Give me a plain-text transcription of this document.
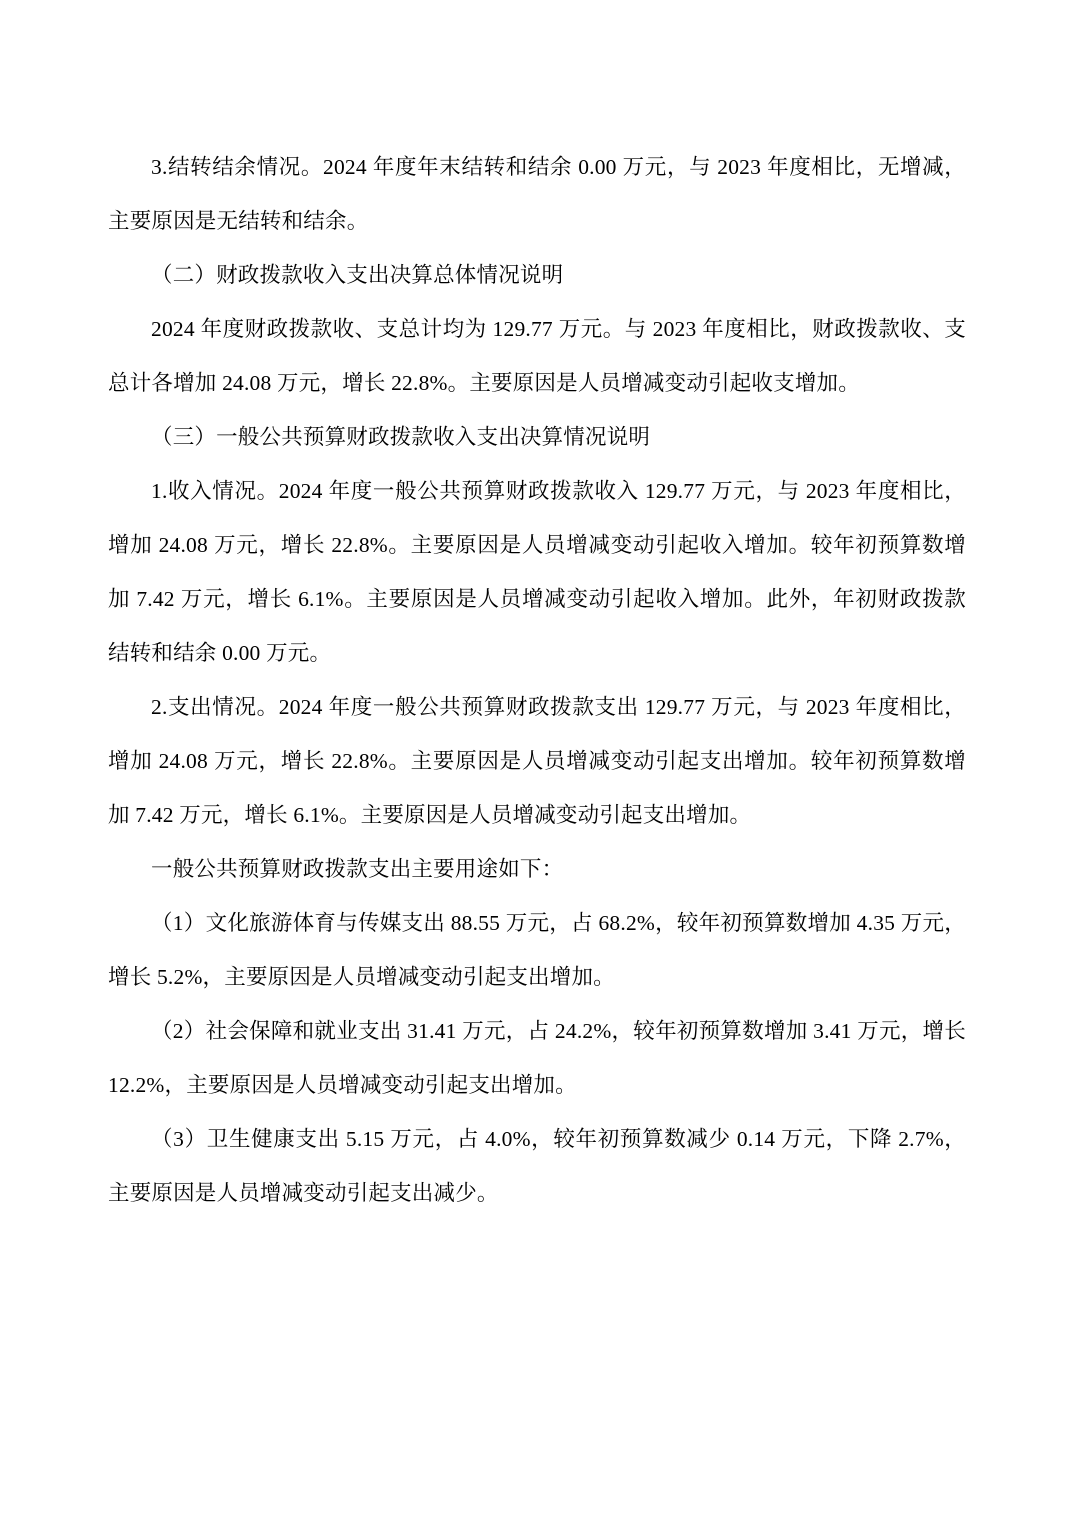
3.结转结余情况。2024 年度年末结转和结余 0.00 万元，与 2023 年度相比，无增减，主要原因是无结转和结余。

（二）财政拨款收入支出决算总体情况说明

2024 年度财政拨款收、支总计均为 129.77 万元。与 2023 年度相比，财政拨款收、支总计各增加 24.08 万元，增长 22.8%。主要原因是人员增减变动引起收支增加。

（三）一般公共预算财政拨款收入支出决算情况说明

1.收入情况。2024 年度一般公共预算财政拨款收入 129.77 万元，与 2023 年度相比，增加 24.08 万元，增长 22.8%。主要原因是人员增减变动引起收入增加。较年初预算数增加 7.42 万元，增长 6.1%。主要原因是人员增减变动引起收入增加。此外，年初财政拨款结转和结余 0.00 万元。

2.支出情况。2024 年度一般公共预算财政拨款支出 129.77 万元，与 2023 年度相比，增加 24.08 万元，增长 22.8%。主要原因是人员增减变动引起支出增加。较年初预算数增加 7.42 万元，增长 6.1%。主要原因是人员增减变动引起支出增加。

一般公共预算财政拨款支出主要用途如下：

（1）文化旅游体育与传媒支出 88.55 万元，占 68.2%，较年初预算数增加 4.35 万元，增长 5.2%，主要原因是人员增减变动引起支出增加。

（2）社会保障和就业支出 31.41 万元，占 24.2%，较年初预算数增加 3.41 万元，增长 12.2%，主要原因是人员增减变动引起支出增加。

（3）卫生健康支出 5.15 万元，占 4.0%，较年初预算数减少 0.14 万元，下降 2.7%，主要原因是人员增减变动引起支出减少。
